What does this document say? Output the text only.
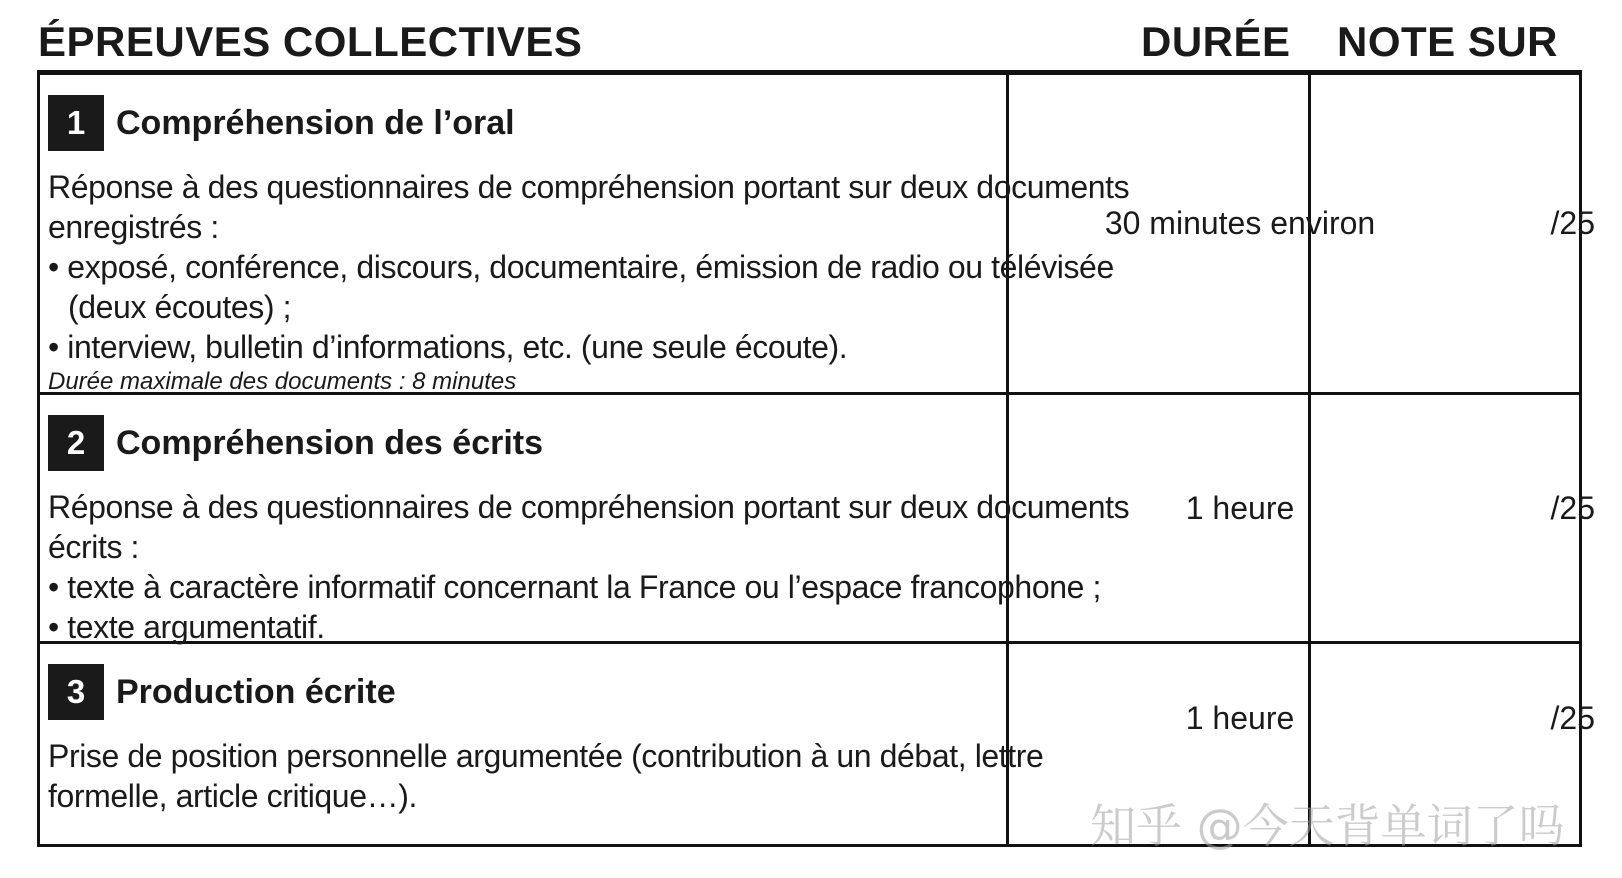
ÉPREUVES COLLECTIVES	DURÉE	NOTE SUR
1 Compréhension de l’oral
Réponse à des questionnaires de compréhension portant sur deux documents
enregistrés :
• exposé, conférence, discours, documentaire, émission de radio ou télévisée
(deux écoutes) ;
• interview, bulletin d’informations, etc. (une seule écoute).
Durée maximale des documents : 8 minutes
30 minutes environ	/25
2 Compréhension des écrits
Réponse à des questionnaires de compréhension portant sur deux documents
écrits :
• texte à caractère informatif concernant la France ou l’espace francophone ;
• texte argumentatif.
1 heure	/25
3 Production écrite
Prise de position personnelle argumentée (contribution à un débat, lettre
formelle, article critique…).
1 heure	/25
知乎 @今天背单词了吗
